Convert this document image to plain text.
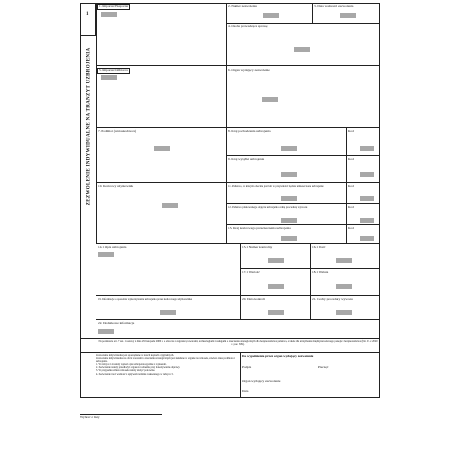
1
ZEZWOLENIE INDYWIDUALNE NA TRANZYT UZBROJENIA
1. Importer/Eksporter	2. Numer zezwolenia	3. Data ważności zezwolenia
4. Osoba prowadząca sprawę
5. Importer/Odbiorca	6. Organ wydający zezwolenie
7. Podmiot (wnioskodawca)	8. Kraj pochodzenia uzbrojenia	Kod
9. Kraj wysyłki uzbrojenia	Kod
10. Końcowy użytkownik	11. Państwo, w którym obecnie jest lub w przyszłości będzie umieszczone uzbrojenie	Kod
12. Państwo planowanego objęcia uzbrojenia celną procedurą wywozu	Kod
13. Kraj końcowego przeznaczenia uzbrojenia	Kod
14.1 Opis uzbrojenia	15.1 Numer kontrolny	16.1 Ilość
17.1 Wartość	18.1 Waluta
19. Informacje o sposobie wykorzystania uzbrojenia przez końcowego użytkownika	20. Data kontroli	21. Cechy procedury wywozu
22. Dodatkowe informacje
Na podstawie art. 7 ust. 1 ustawy z dnia 29 listopada 2000 r. o obrocie z zagranicą towarami, technologiami i usługami o znaczeniu strategicznym dla bezpieczeństwa państwa, a także dla utrzymania międzynarodowego pokoju i bezpieczeństwa (Dz. U. z 2020 r. poz. 509).
Zezwolenie indywidualne jest sporządzane w trzech kopiach oryginalnych.
Zezwolenie indywidualne na obrót towarami o znaczeniu strategicznym jest składane w organie na wniosek, zawiera dane podmiotu i uzbrojenia.
1. W rubryce 14 należy wpisać opis uzbrojenia zgodnie z wykazem.
2. Zezwolenie należy przedłożyć organowi celnemu przy dokonywaniu odprawy.
3. W przypadku zmian wniosek należy złożyć ponownie.
4. Zezwolenie traci ważność z upływem terminu wskazanego w rubryce 3.
Do wypełnienia przez organ wydający zezwolenie
Podpis	Pieczęć
Organ wydający zezwolenie
Data
Wybrać z listy
